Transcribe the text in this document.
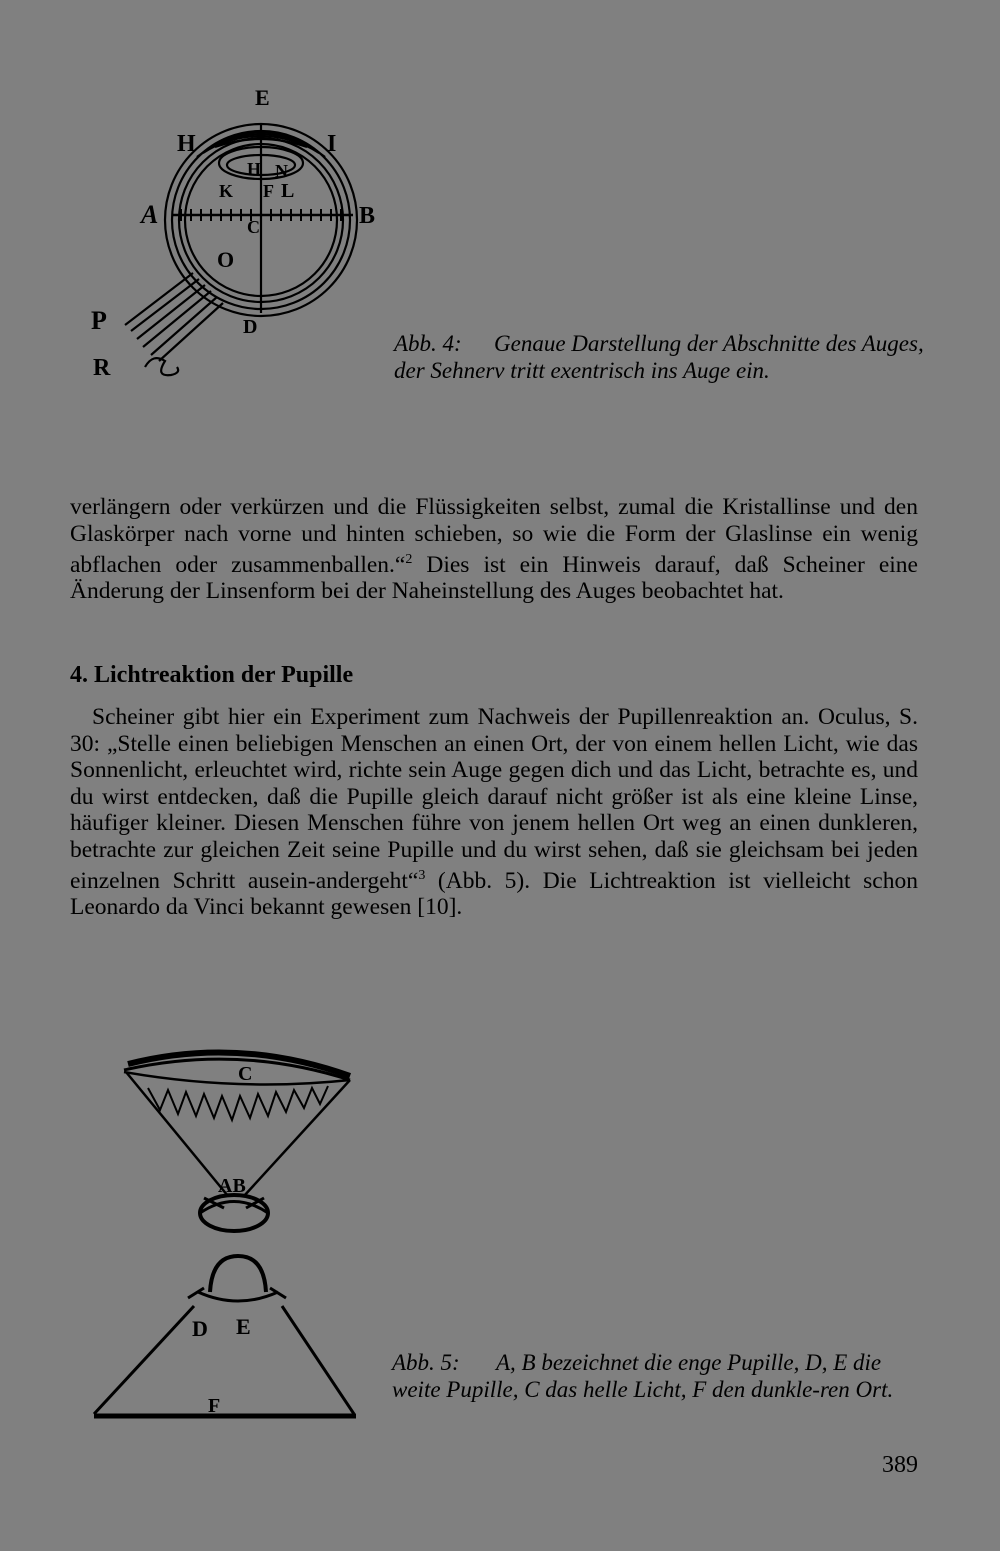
E
H	I
A	B
H N
K F L
C
O
D
P
R

Abb. 4: Genaue Darstellung der Abschnitte des Auges, der Sehnerv tritt exentrisch ins Auge ein.

verlängern oder verkürzen und die Flüssigkeiten selbst, zumal die Kristallinse und den Glaskörper nach vorne und hinten schieben, so wie die Form der Glaslinse ein wenig abflachen oder zusammenballen.“$^2$ Dies ist ein Hinweis darauf, daß Scheiner eine Änderung der Linsenform bei der Naheinstellung des Auges beobachtet hat.

4. Lichtreaktion der Pupille

Scheiner gibt hier ein Experiment zum Nachweis der Pupillenreaktion an. Oculus, S. 30: „Stelle einen beliebigen Menschen an einen Ort, der von einem hellen Licht, wie das Sonnenlicht, erleuchtet wird, richte sein Auge gegen dich und das Licht, betrachte es, und du wirst entdecken, daß die Pupille gleich darauf nicht größer ist als eine kleine Linse, häufiger kleiner. Diesen Menschen führe von jenem hellen Ort weg an einen dunkleren, betrachte zur gleichen Zeit seine Pupille und du wirst sehen, daß sie gleichsam bei jeden einzelnen Schritt ausein-andergeht“$^3$ (Abb. 5). Die Lichtreaktion ist vielleicht schon Leonardo da Vinci bekannt gewesen [10].

C
AB
D E
F

Abb. 5: A, B bezeichnet die enge Pupille, D, E die weite Pupille, C das helle Licht, F den dunkle-ren Ort.

389
